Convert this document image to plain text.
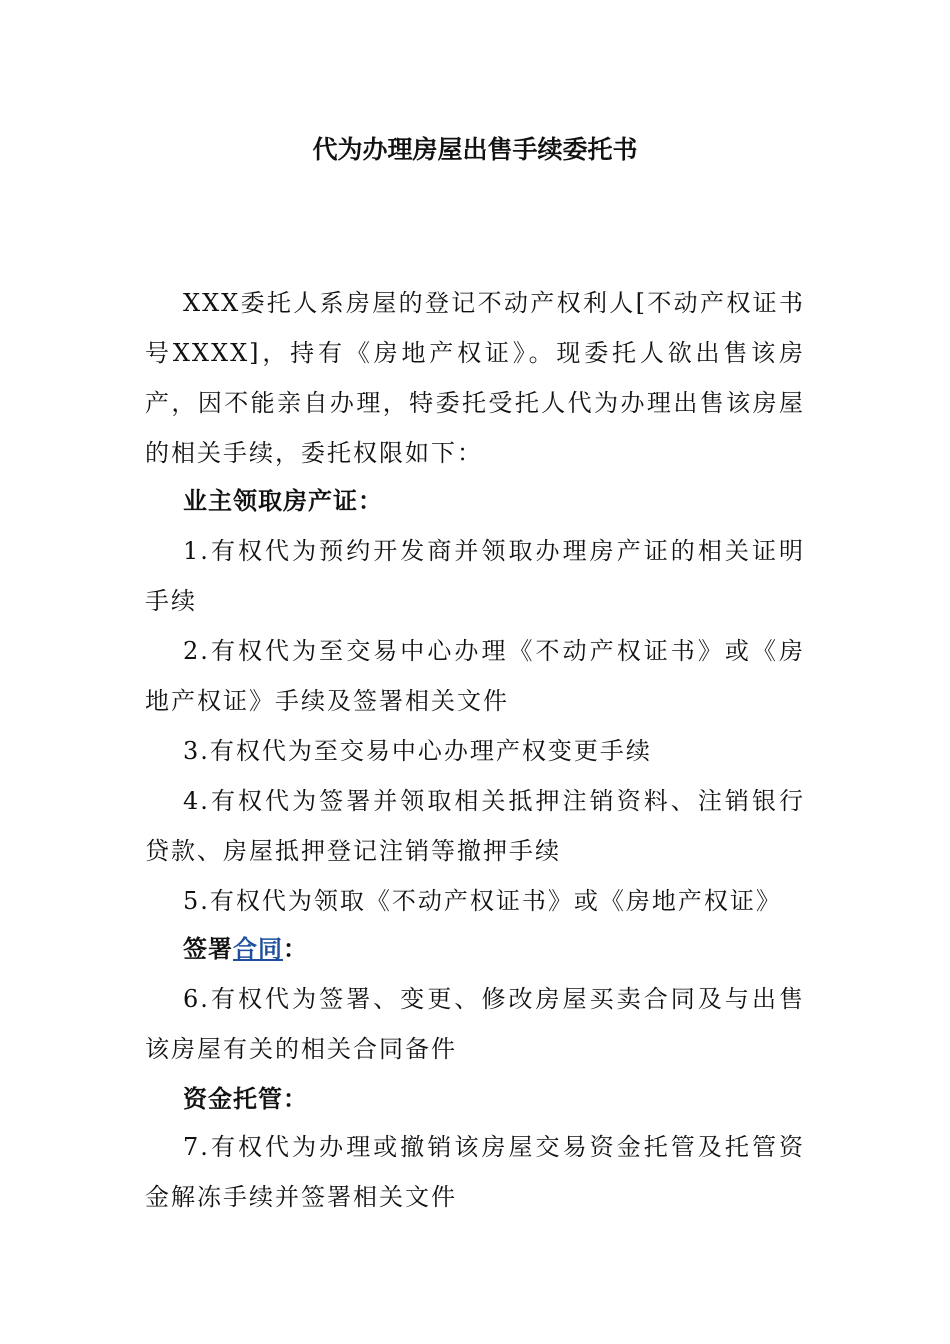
代为办理房屋出售手续委托书
XXX委托人系房屋的登记不动产权利人[不动产权证书号XXXX]，持有《房地产权证》。现委托人欲出售该房产，因不能亲自办理，特委托受托人代为办理出售该房屋的相关手续，委托权限如下：
业主领取房产证：
1.有权代为预约开发商并领取办理房产证的相关证明手续
2.有权代为至交易中心办理《不动产权证书》或《房地产权证》手续及签署相关文件
3.有权代为至交易中心办理产权变更手续
4.有权代为签署并领取相关抵押注销资料、注销银行贷款、房屋抵押登记注销等撤押手续
5.有权代为领取《不动产权证书》或《房地产权证》
签署合同：
6.有权代为签署、变更、修改房屋买卖合同及与出售该房屋有关的相关合同备件
资金托管：
7.有权代为办理或撤销该房屋交易资金托管及托管资金解冻手续并签署相关文件
